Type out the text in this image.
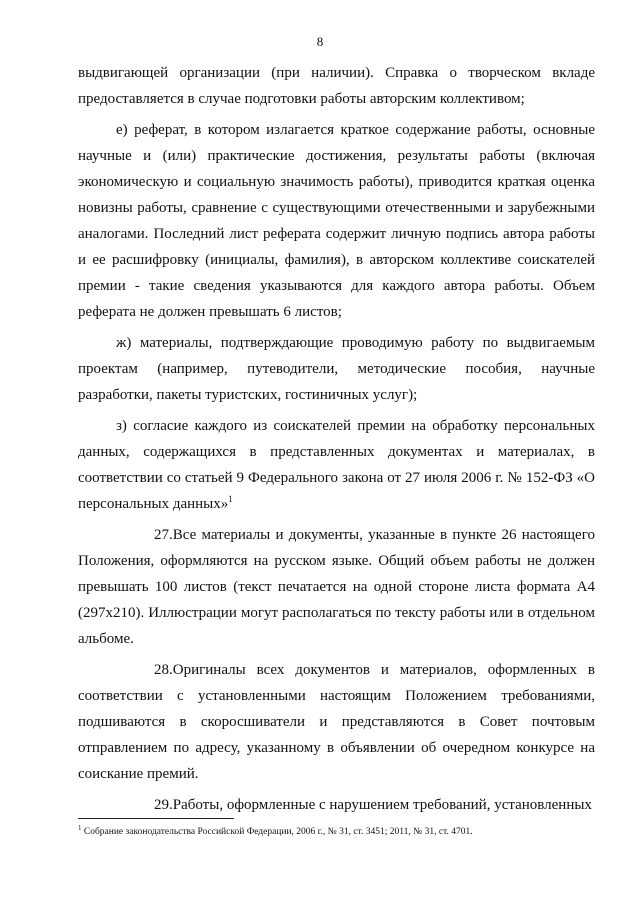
8

выдвигающей организации (при наличии). Справка о творческом вкладе предоставляется в случае подготовки работы авторским коллективом;

е) реферат, в котором излагается краткое содержание работы, основные научные и (или) практические достижения, результаты работы (включая экономическую и социальную значимость работы), приводится краткая оценка новизны работы, сравнение с существующими отечественными и зарубежными аналогами. Последний лист реферата содержит личную подпись автора работы и ее расшифровку (инициалы, фамилия), в авторском коллективе соискателей премии - такие сведения указываются для каждого автора работы. Объем реферата не должен превышать 6 листов;

ж) материалы, подтверждающие проводимую работу по выдвигаемым проектам (например, путеводители, методические пособия, научные разработки, пакеты туристских, гостиничных услуг);

з) согласие каждого из соискателей премии на обработку персональных данных, содержащихся в представленных документах и материалах, в соответствии со статьей 9 Федерального закона от 27 июля 2006 г. № 152-ФЗ «О персональных данных»$^1$

27.Все материалы и документы, указанные в пункте 26 настоящего Положения, оформляются на русском языке. Общий объем работы не должен превышать 100 листов (текст печатается на одной стороне листа формата А4 (297x210). Иллюстрации могут располагаться по тексту работы или в отдельном альбоме.

28.Оригиналы всех документов и материалов, оформленных в соответствии с установленными настоящим Положением требованиями, подшиваются в скоросшиватели и представляются в Совет почтовым отправлением по адресу, указанному в объявлении об очередном конкурсе на соискание премий.

29.Работы, оформленные с нарушением требований, установленных

$^1$ Собрание законодательства Российской Федерации, 2006 г., № 31, ст. 3451; 2011, № 31, ст. 4701.
